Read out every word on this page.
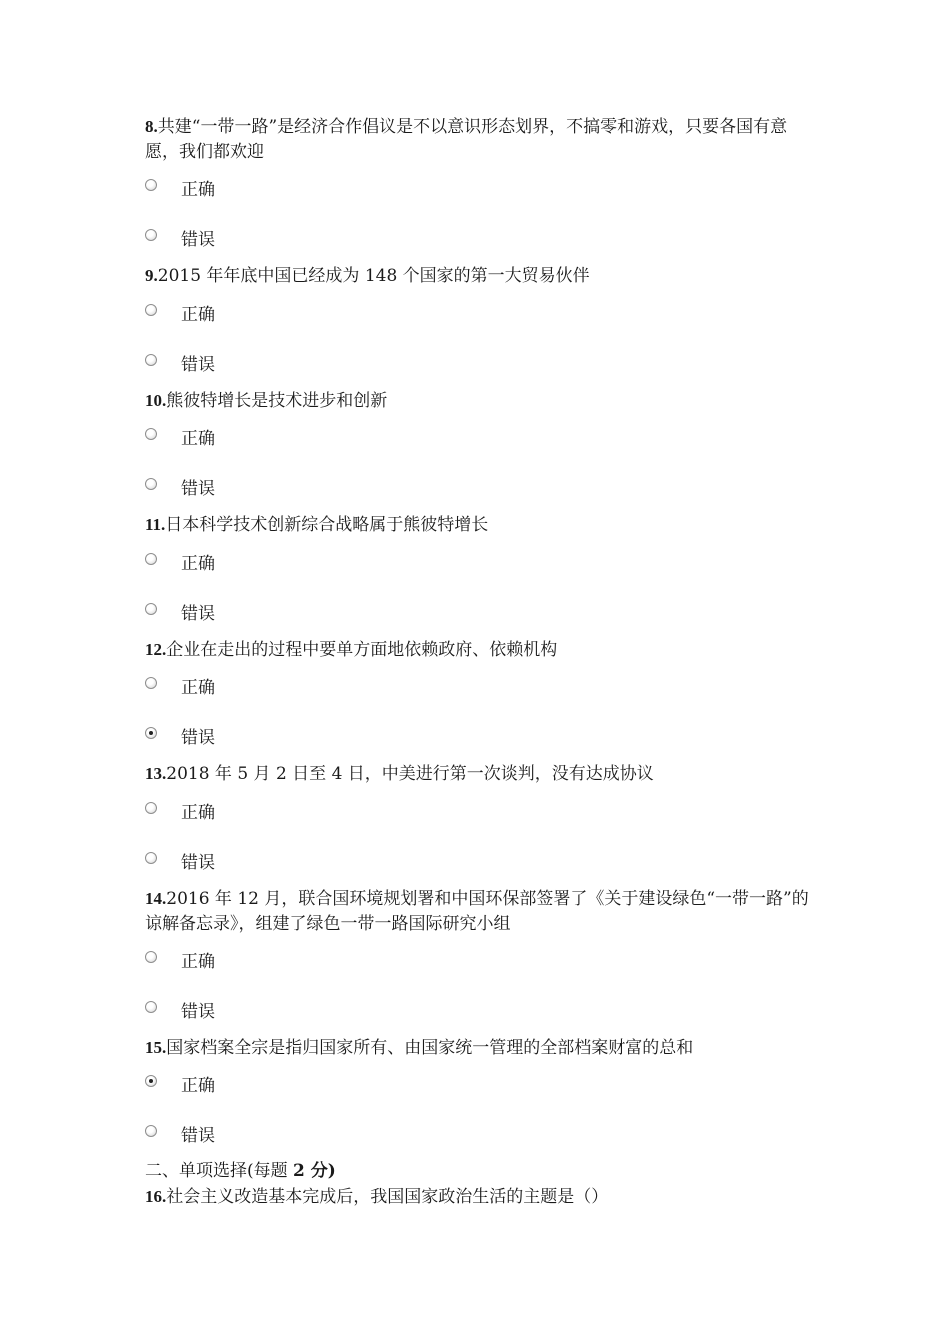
8.共建“一带一路”是经济合作倡议是不以意识形态划界，不搞零和游戏，只要各国有意愿，我们都欢迎

正确
错误

9.2015 年年底中国已经成为 148 个国家的第一大贸易伙伴

正确
错误

10.熊彼特增长是技术进步和创新

正确
错误

11.日本科学技术创新综合战略属于熊彼特增长

正确
错误

12.企业在走出的过程中要单方面地依赖政府、依赖机构

正确
错误

13.2018 年 5 月 2 日至 4 日，中美进行第一次谈判，没有达成协议

正确
错误

14.2016 年 12 月，联合国环境规划署和中国环保部签署了《关于建设绿色“一带一路”的谅解备忘录》，组建了绿色一带一路国际研究小组

正确
错误

15.国家档案全宗是指归国家所有、由国家统一管理的全部档案财富的总和

正确
错误

二、单项选择(每题 2 分)

16.社会主义改造基本完成后，我国国家政治生活的主题是（）
